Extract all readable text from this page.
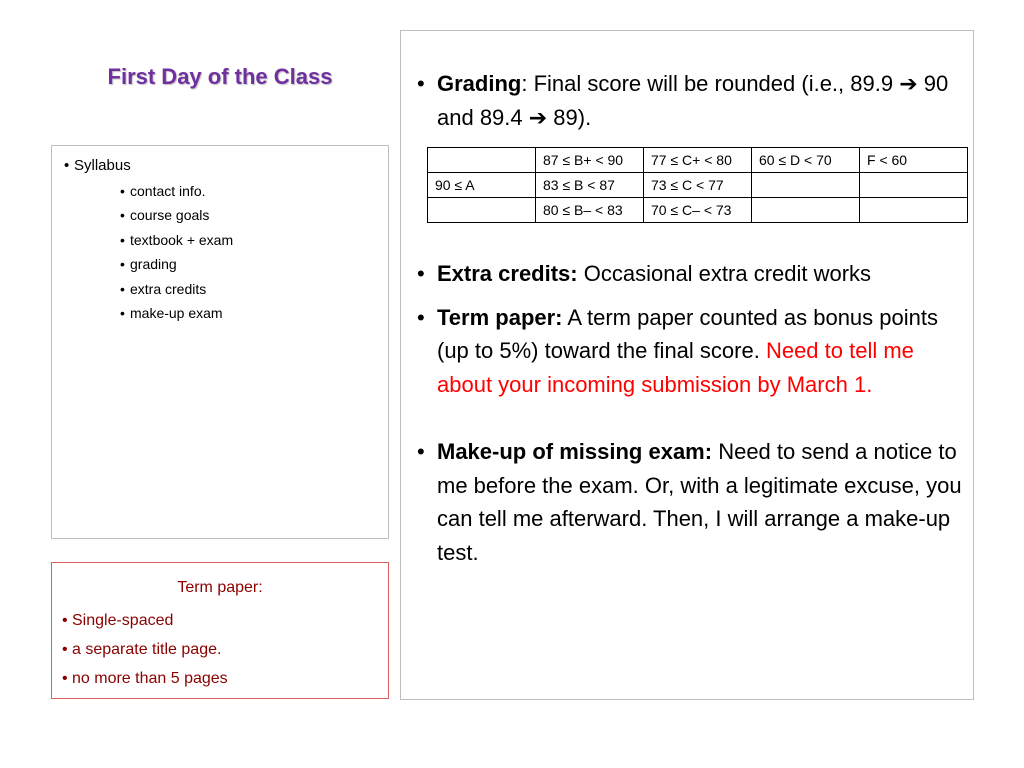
First Day of the Class
• Syllabus
• contact info.
• course goals
• textbook + exam
• grading
• extra credits
• make-up exam
Term paper:
• Single-spaced
• a separate title page.
• no more than 5 pages
• Grading: Final score will be rounded (i.e., 89.9 ➔ 90 and 89.4 ➔ 89).
	87 ≤ B+ < 90	77 ≤ C+ < 80	60 ≤ D < 70	F < 60
90 ≤ A	83 ≤ B < 87	73 ≤ C < 77		
	80 ≤ B– < 83	70 ≤ C– < 73		
• Extra credits: Occasional extra credit works
• Term paper: A term paper counted as bonus points (up to 5%) toward the final score. Need to tell me about your incoming submission by March 1.
• Make-up of missing exam: Need to send a notice to me before the exam. Or, with a legitimate excuse, you can tell me afterward. Then, I will arrange a make-up test.
